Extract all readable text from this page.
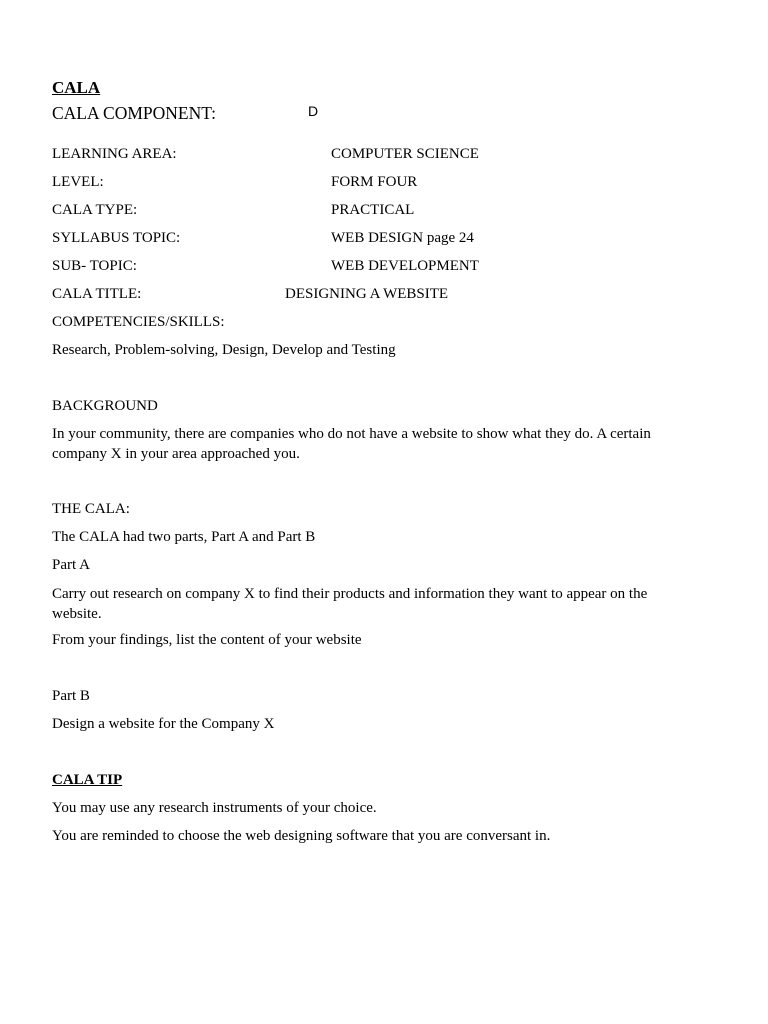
CALA
CALA COMPONENT:	D
LEARNING AREA:	COMPUTER SCIENCE
LEVEL:	FORM FOUR
CALA TYPE:	PRACTICAL
SYLLABUS TOPIC:	WEB DESIGN page 24
SUB- TOPIC:	WEB DEVELOPMENT
CALA TITLE:	DESIGNING A WEBSITE
COMPETENCIES/SKILLS:
Research, Problem-solving, Design, Develop and Testing
BACKGROUND
In your community, there are companies who do not have a website to show what they do. A certain company X in your area approached you.
THE CALA:
The CALA had two parts, Part A and Part B
Part A
Carry out research on company X to find their products and information they want to appear on the website.
From your findings, list the content of your website
Part B
Design a website for the Company X
CALA TIP
You may use any research instruments of your choice.
You are reminded to choose the web designing software that you are conversant in.
